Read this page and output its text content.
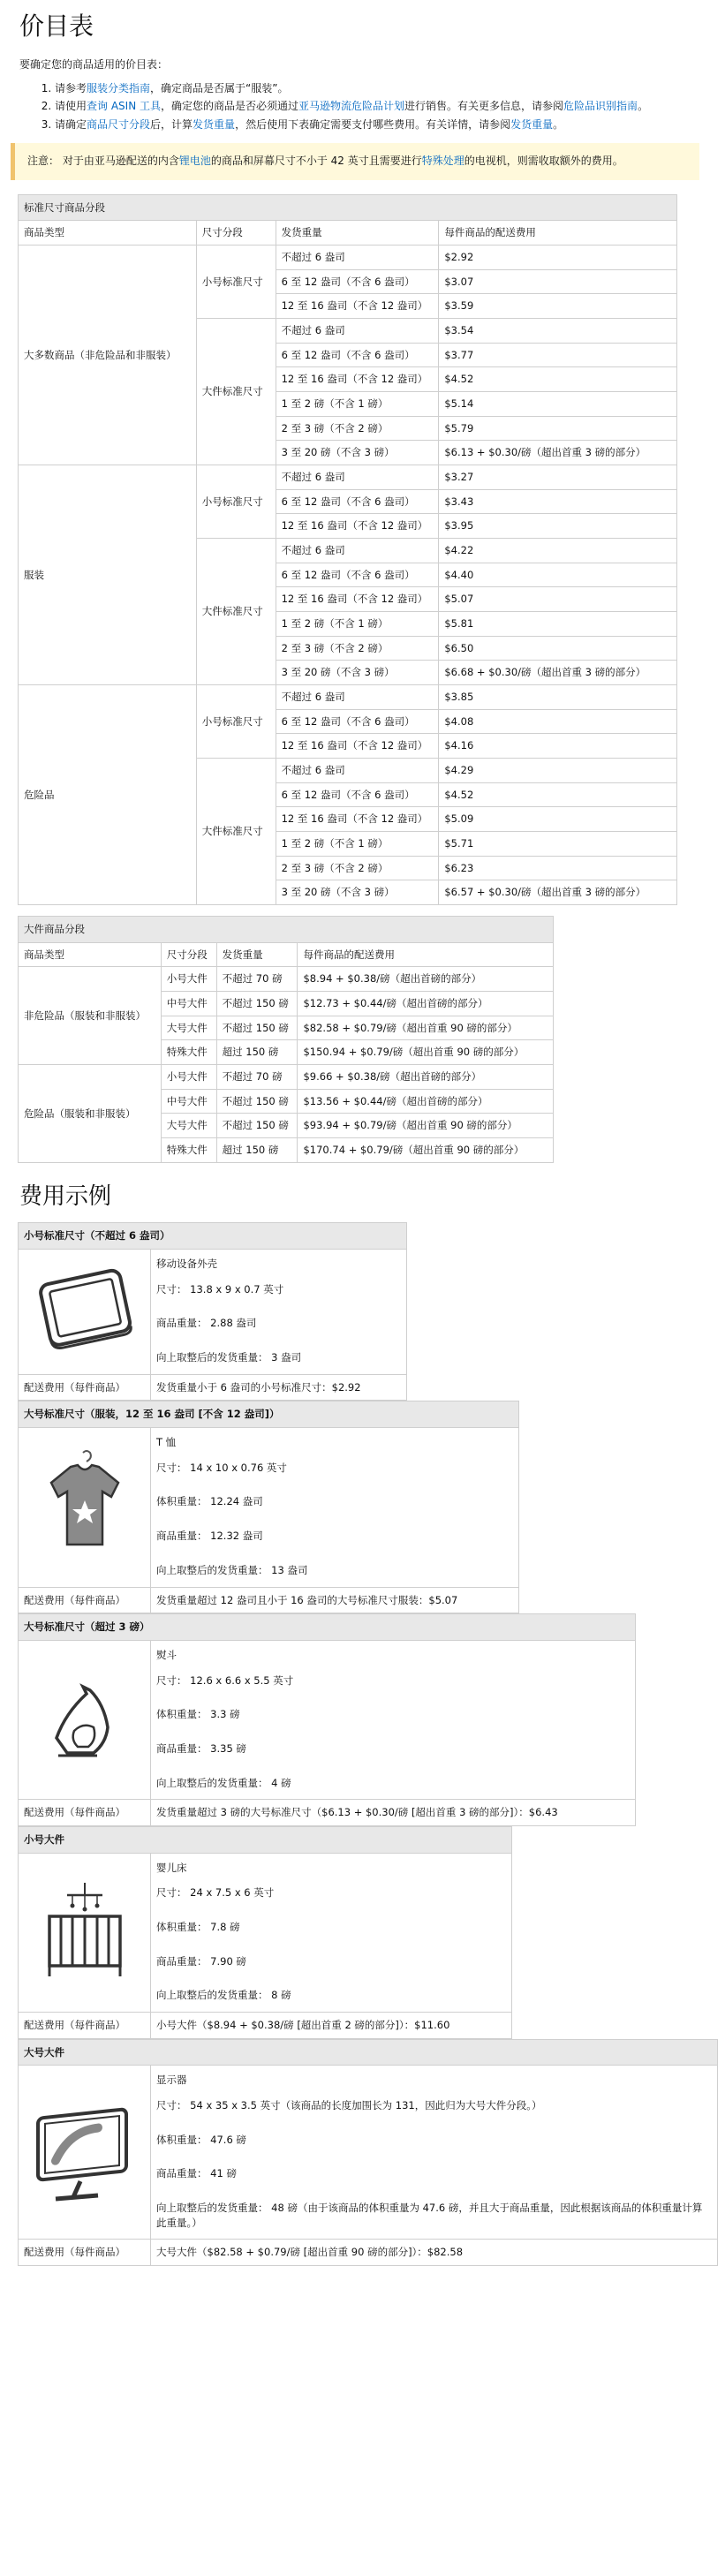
价目表
要确定您的商品适用的价目表：
1. 请参考服装分类指南，确定商品是否属于“服装”。
2. 请使用查询 ASIN 工具，确定您的商品是否必须通过亚马逊物流危险品计划进行销售。有关更多信息，请参阅危险品识别指南。
3. 请确定商品尺寸分段后，计算发货重量，然后使用下表确定需要支付哪些费用。有关详情，请参阅发货重量。
注意： 对于由亚马逊配送的内含锂电池的商品和屏幕尺寸不小于 42 英寸且需要进行特殊处理的电视机，则需收取额外的费用。
标准尺寸商品分段			
商品类型	尺寸分段	发货重量	每件商品的配送费用
大多数商品（非危险品和非服装）	小号标准尺寸	不超过 6 盎司	$2.92
		6 至 12 盎司（不含 6 盎司）	$3.07
		12 至 16 盎司（不含 12 盎司）	$3.59
	大件标准尺寸	不超过 6 盎司	$3.54
		6 至 12 盎司（不含 6 盎司）	$3.77
		12 至 16 盎司（不含 12 盎司）	$4.52
		1 至 2 磅（不含 1 磅）	$5.14
		2 至 3 磅（不含 2 磅）	$5.79
		3 至 20 磅（不含 3 磅）	$6.13 + $0.30/磅（超出首重 3 磅的部分）
服装	小号标准尺寸	不超过 6 盎司	$3.27
		6 至 12 盎司（不含 6 盎司）	$3.43
		12 至 16 盎司（不含 12 盎司）	$3.95
	大件标准尺寸	不超过 6 盎司	$4.22
		6 至 12 盎司（不含 6 盎司）	$4.40
		12 至 16 盎司（不含 12 盎司）	$5.07
		1 至 2 磅（不含 1 磅）	$5.81
		2 至 3 磅（不含 2 磅）	$6.50
		3 至 20 磅（不含 3 磅）	$6.68 + $0.30/磅（超出首重 3 磅的部分）
危险品	小号标准尺寸	不超过 6 盎司	$3.85
		6 至 12 盎司（不含 6 盎司）	$4.08
		12 至 16 盎司（不含 12 盎司）	$4.16
	大件标准尺寸	不超过 6 盎司	$4.29
		6 至 12 盎司（不含 6 盎司）	$4.52
		12 至 16 盎司（不含 12 盎司）	$5.09
		1 至 2 磅（不含 1 磅）	$5.71
		2 至 3 磅（不含 2 磅）	$6.23
		3 至 20 磅（不含 3 磅）	$6.57 + $0.30/磅（超出首重 3 磅的部分）
大件商品分段			
商品类型	尺寸分段	发货重量	每件商品的配送费用
非危险品（服装和非服装）	小号大件	不超过 70 磅	$8.94 + $0.38/磅（超出首磅的部分）
	中号大件	不超过 150 磅	$12.73 + $0.44/磅（超出首磅的部分）
	大号大件	不超过 150 磅	$82.58 + $0.79/磅（超出首重 90 磅的部分）
	特殊大件	超过 150 磅	$150.94 + $0.79/磅（超出首重 90 磅的部分）
危险品（服装和非服装）	小号大件	不超过 70 磅	$9.66 + $0.38/磅（超出首磅的部分）
	中号大件	不超过 150 磅	$13.56 + $0.44/磅（超出首磅的部分）
	大号大件	不超过 150 磅	$93.94 + $0.79/磅（超出首重 90 磅的部分）
	特殊大件	超过 150 磅	$170.74 + $0.79/磅（超出首重 90 磅的部分）
费用示例
小号标准尺寸（不超过 6 盎司）	

移动设备外壳
尺寸： 13.8 x 9 x 0.7 英寸
商品重量： 2.88 盎司
向上取整后的发货重量： 3 盎司

配送费用（每件商品）	发货重量小于 6 盎司的小号标准尺寸：$2.92
大号标准尺寸（服装，12 至 16 盎司 [不含 12 盎司]）	

T 恤
尺寸： 14 x 10 x 0.76 英寸
体积重量： 12.24 盎司
商品重量： 12.32 盎司
向上取整后的发货重量： 13 盎司

配送费用（每件商品）	发货重量超过 12 盎司且小于 16 盎司的大号标准尺寸服装：$5.07
大号标准尺寸（超过 3 磅）	

熨斗
尺寸： 12.6 x 6.6 x 5.5 英寸
体积重量： 3.3 磅
商品重量： 3.35 磅
向上取整后的发货重量： 4 磅

配送费用（每件商品）	发货重量超过 3 磅的大号标准尺寸（$6.13 + $0.30/磅 [超出首重 3 磅的部分]）：$6.43
小号大件	

婴儿床
尺寸： 24 x 7.5 x 6 英寸
体积重量： 7.8 磅
商品重量： 7.90 磅
向上取整后的发货重量： 8 磅

配送费用（每件商品）	小号大件（$8.94 + $0.38/磅 [超出首重 2 磅的部分]）：$11.60
大号大件	

显示器
尺寸： 54 x 35 x 3.5 英寸（该商品的长度加围长为 131，因此归为大号大件分段。）
体积重量： 47.6 磅
商品重量： 41 磅
向上取整后的发货重量： 48 磅（由于该商品的体积重量为 47.6 磅，并且大于商品重量，因此根据该商品的体积重量计算此重量。）

配送费用（每件商品）	大号大件（$82.58 + $0.79/磅 [超出首重 90 磅的部分]）：$82.58
